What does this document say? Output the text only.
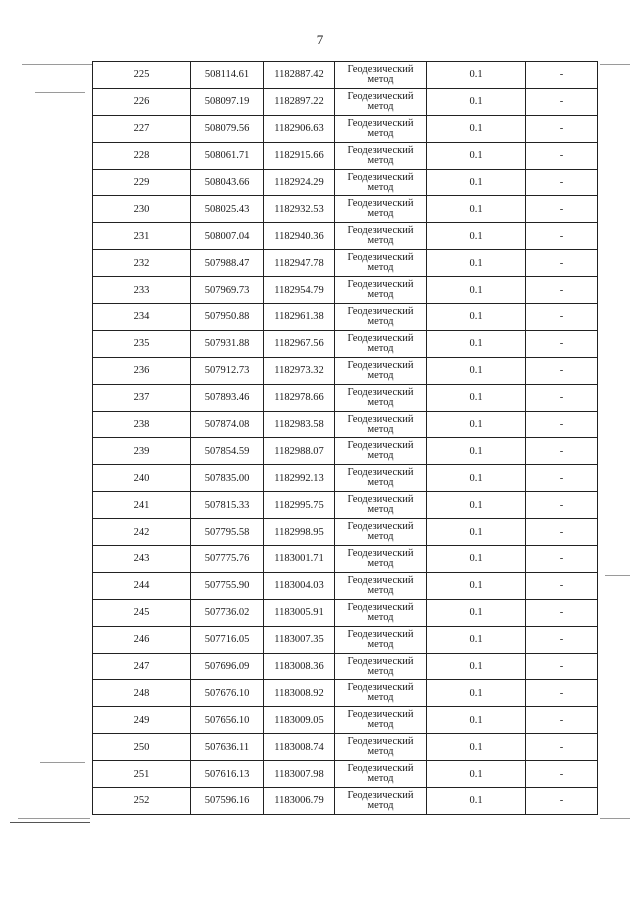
7
225	508114.61	1182887.42	Геодезический
метод	0.1	-
226	508097.19	1182897.22	Геодезический
метод	0.1	-
227	508079.56	1182906.63	Геодезический
метод	0.1	-
228	508061.71	1182915.66	Геодезический
метод	0.1	-
229	508043.66	1182924.29	Геодезический
метод	0.1	-
230	508025.43	1182932.53	Геодезический
метод	0.1	-
231	508007.04	1182940.36	Геодезический
метод	0.1	-
232	507988.47	1182947.78	Геодезический
метод	0.1	-
233	507969.73	1182954.79	Геодезический
метод	0.1	-
234	507950.88	1182961.38	Геодезический
метод	0.1	-
235	507931.88	1182967.56	Геодезический
метод	0.1	-
236	507912.73	1182973.32	Геодезический
метод	0.1	-
237	507893.46	1182978.66	Геодезический
метод	0.1	-
238	507874.08	1182983.58	Геодезический
метод	0.1	-
239	507854.59	1182988.07	Геодезический
метод	0.1	-
240	507835.00	1182992.13	Геодезический
метод	0.1	-
241	507815.33	1182995.75	Геодезический
метод	0.1	-
242	507795.58	1182998.95	Геодезический
метод	0.1	-
243	507775.76	1183001.71	Геодезический
метод	0.1	-
244	507755.90	1183004.03	Геодезический
метод	0.1	-
245	507736.02	1183005.91	Геодезический
метод	0.1	-
246	507716.05	1183007.35	Геодезический
метод	0.1	-
247	507696.09	1183008.36	Геодезический
метод	0.1	-
248	507676.10	1183008.92	Геодезический
метод	0.1	-
249	507656.10	1183009.05	Геодезический
метод	0.1	-
250	507636.11	1183008.74	Геодезический
метод	0.1	-
251	507616.13	1183007.98	Геодезический
метод	0.1	-
252	507596.16	1183006.79	Геодезический
метод	0.1	-
